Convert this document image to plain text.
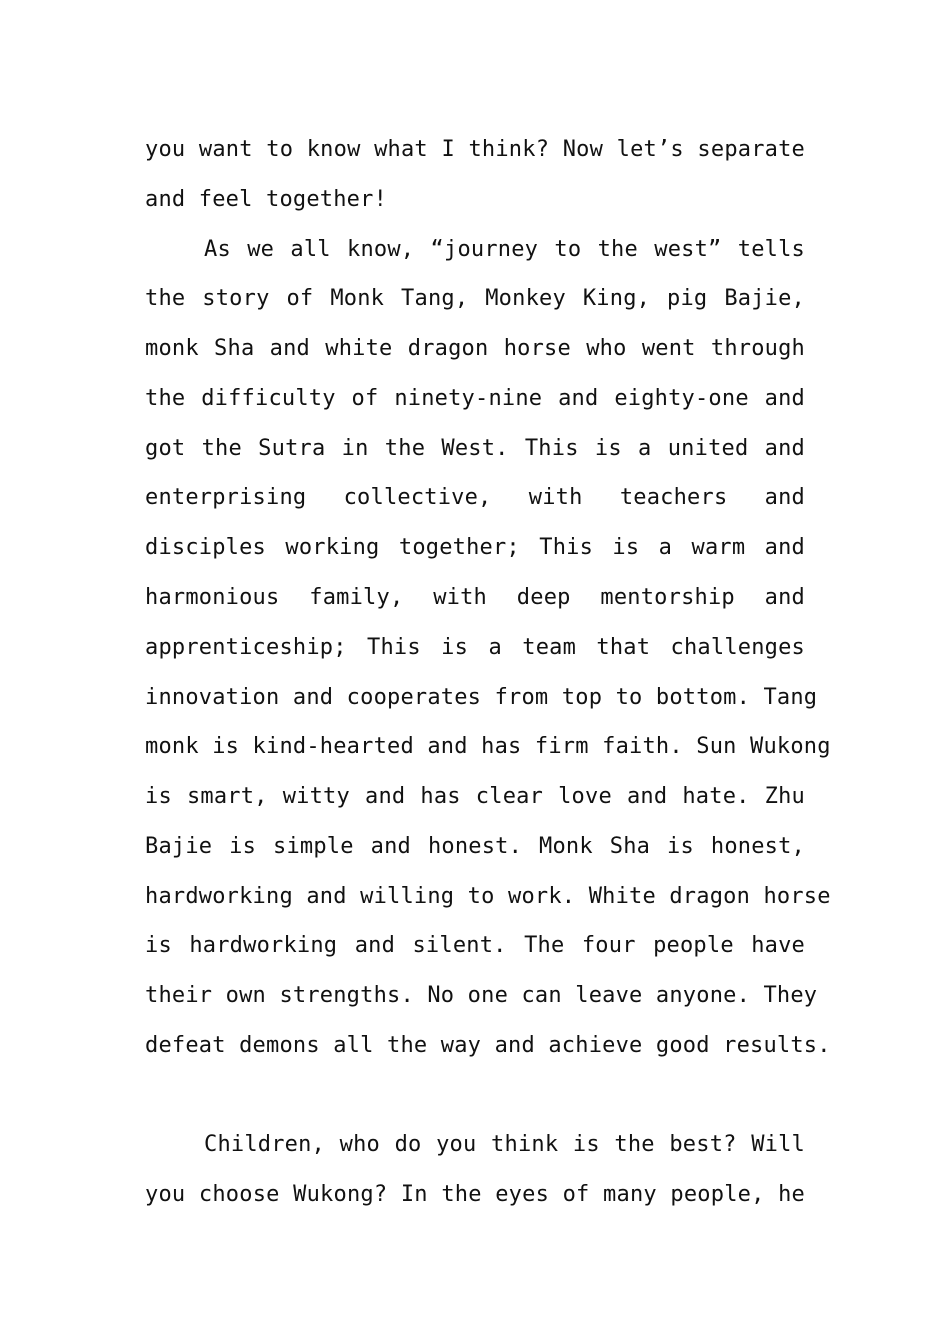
you want to know what I think? Now let’s separate
and feel together!
As we all know, “journey to the west” tells
the story of Monk Tang, Monkey King, pig Bajie,
monk Sha and white dragon horse who went through
the difficulty of ninety-nine and eighty-one and
got the Sutra in the West. This is a united and
enterprising collective, with teachers and
disciples working together; This is a warm and
harmonious family, with deep mentorship and
apprenticeship; This is a team that challenges
innovation and cooperates from top to bottom. Tang
monk is kind-hearted and has firm faith. Sun Wukong
is smart, witty and has clear love and hate. Zhu
Bajie is simple and honest. Monk Sha is honest,
hardworking and willing to work. White dragon horse
is hardworking and silent. The four people have
their own strengths. No one can leave anyone. They
defeat demons all the way and achieve good results.
Children, who do you think is the best? Will
you choose Wukong? In the eyes of many people, he
